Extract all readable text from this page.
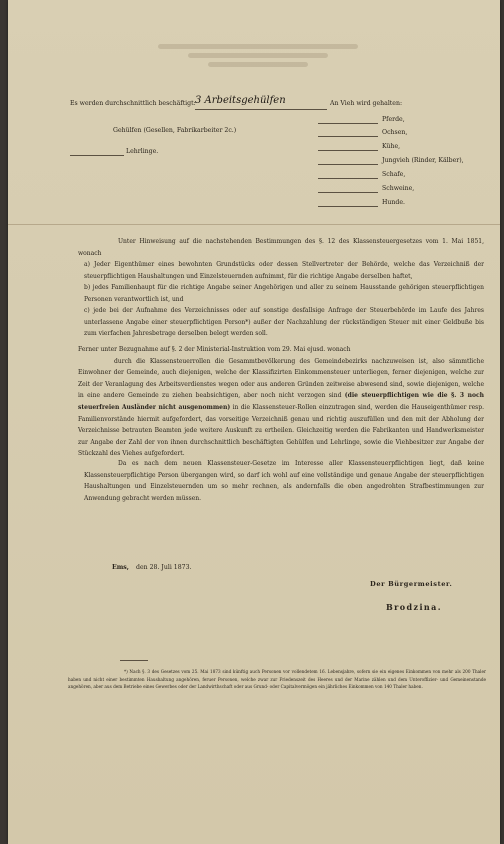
Es werden durchschnittlich beschäftigt: 3 Arbeitsgehülfen	An Vieh wird gehalten:
Gehülfen (Gesellen, Fabrikarbeiter 2c.)
Lehrlinge.
Pferde,
Ochsen,
Kühe,
Jungvieh (Rinder, Kälber),
Schafe,
Schweine,
Hunde.
Unter Hinweisung auf die nachstehenden Bestimmungen des §. 12 des Klassensteuergesetzes vom 1. Mai 1851, wonach
a) Jeder Eigenthümer eines bewohnten Grundstücks oder dessen Stellvertreter der Behörde, welche das Verzeichniß der steuerpflichtigen Haushaltungen und Einzelsteuernden aufnimmt, für die richtige Angabe derselben haftet,
b) jedes Familienhaupt für die richtige Angabe seiner Angehörigen und aller zu seinem Hausstande gehörigen steuerpflichtigen Personen verantwortlich ist, und
c) jede bei der Aufnahme des Verzeichnisses oder auf sonstige desfallsige Anfrage der Steuerbehörde im Laufe des Jahres unterlassene Angabe einer steuerpflichtigen Person*) außer der Nachzahlung der rückständigen Steuer mit einer Geldbuße bis zum vierfachen Jahresbetrage derselben belegt werden soll.
Ferner unter Bezugnahme auf §. 2 der Ministerial-Instruktion vom 29. Mai ejusd. wonach
durch die Klassensteuerrollen die Gesammtbevölkerung des Gemeindebezirks nachzuweisen ist, also sämmtliche Einwohner der Gemeinde, auch diejenigen, welche der Klassifizirten Einkommensteuer unterliegen, ferner diejenigen, welche zur Zeit der Veranlagung des Arbeitsverdienstes wegen oder aus anderen Gründen zeitweise abwesend sind, sowie diejenigen, welche in eine andere Gemeinde zu ziehen beabsichtigen, aber noch nicht verzogen sind (die steuerpflichtigen wie die §. 3 noch steuerfreien Ausländer nicht ausgenommen) in die Klassensteuer-Rollen einzutragen sind, werden die Hauseigenthümer resp. Familienvorstände hiermit aufgefordert, das vorseitige Verzeichniß genau und richtig auszufüllen und den mit der Abholung der Verzeichnisse betrauten Beamten jede weitere Auskunft zu ertheilen. Gleichzeitig werden die Fabrikanten und Handwerksmeister zur Angabe der Zahl der von ihnen durchschnittlich beschäftigten Gehülfen und Lehrlinge, sowie die Viehbesitzer zur Angabe der Stückzahl des Viehes aufgefordert.
Da es nach dem neuen Klassensteuer-Gesetze im Interesse aller Klassensteuerpflichtigen liegt, daß keine Klassensteuerpflichtige Person übergangen wird, so darf ich wohl auf eine vollständige und genaue Angabe der steuerpflichtigen Haushaltungen und Einzelsteuernden um so mehr rechnen, als andernfalls die oben angedrohten Strafbestimmungen zur Anwendung gebracht werden müssen.
Ems, den 28. Juli 1873.
Der Bürgermeister.
Brodzina.
*) Nach §. 3 des Gesetzes vom 25. Mai 1873 sind künftig auch Personen vor vollendetem 16. Lebensjahre, sofern sie ein eigenes Einkommen von mehr als 200 Thaler haben und nicht einer bestimmten Haushaltung angehören, feruer Personen, welche zwar zur Friedenszeit des Heeres und der Marine zählen und dem Unteroffizier- und Gemeinenstande angehören, aber aus dem Betriebe eines Gewerbes oder der Landwirthschaft oder aus Grund- oder Capitalvermögen ein jährliches Einkommen von 140 Thaler haben.
